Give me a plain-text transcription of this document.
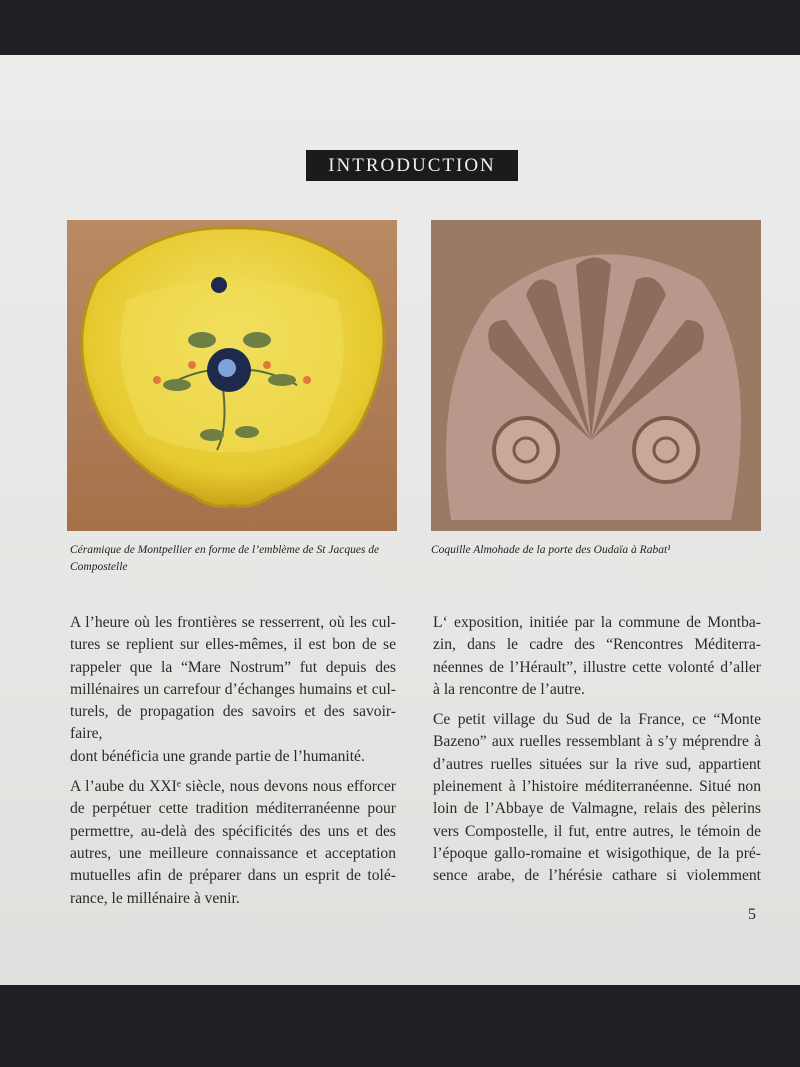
INTRODUCTION
Céramique de Montpellier en forme de l’emblème de St Jacques de Compostelle
Coquille Almohade de la porte des Oudaïa à Rabat¹
A l’heure où les frontières se resserrent, où les cul-
tures se replient sur elles-mêmes, il est bon de se
rappeler que la “Mare Nostrum” fut depuis des
millénaires un carrefour d’échanges humains et cul-
turels, de propagation des savoirs et des savoir-faire,
dont bénéficia une grande partie de l’humanité.
A l’aube du XXIᵉ siècle, nous devons nous efforcer
de perpétuer cette tradition méditerranéenne pour
permettre, au-delà des spécificités des uns et des
autres, une meilleure connaissance et acceptation
mutuelles afin de préparer dans un esprit de tolé-
rance, le millénaire à venir.
L‘ exposition, initiée par la commune de Montba-
zin, dans le cadre des “Rencontres Méditerra-
néennes de l’Hérault”, illustre cette volonté d’aller
à la rencontre de l’autre.
Ce petit village du Sud de la France, ce “Monte
Bazeno” aux ruelles ressemblant à s’y méprendre à
d’autres ruelles situées sur la rive sud, appartient
pleinement à l’histoire méditerranéenne. Situé non
loin de l’Abbaye de Valmagne, relais des pèlerins
vers Compostelle, il fut, entre autres, le témoin de
l’époque gallo-romaine et wisigothique, de la pré-
sence arabe, de l’hérésie cathare si violemment
5
